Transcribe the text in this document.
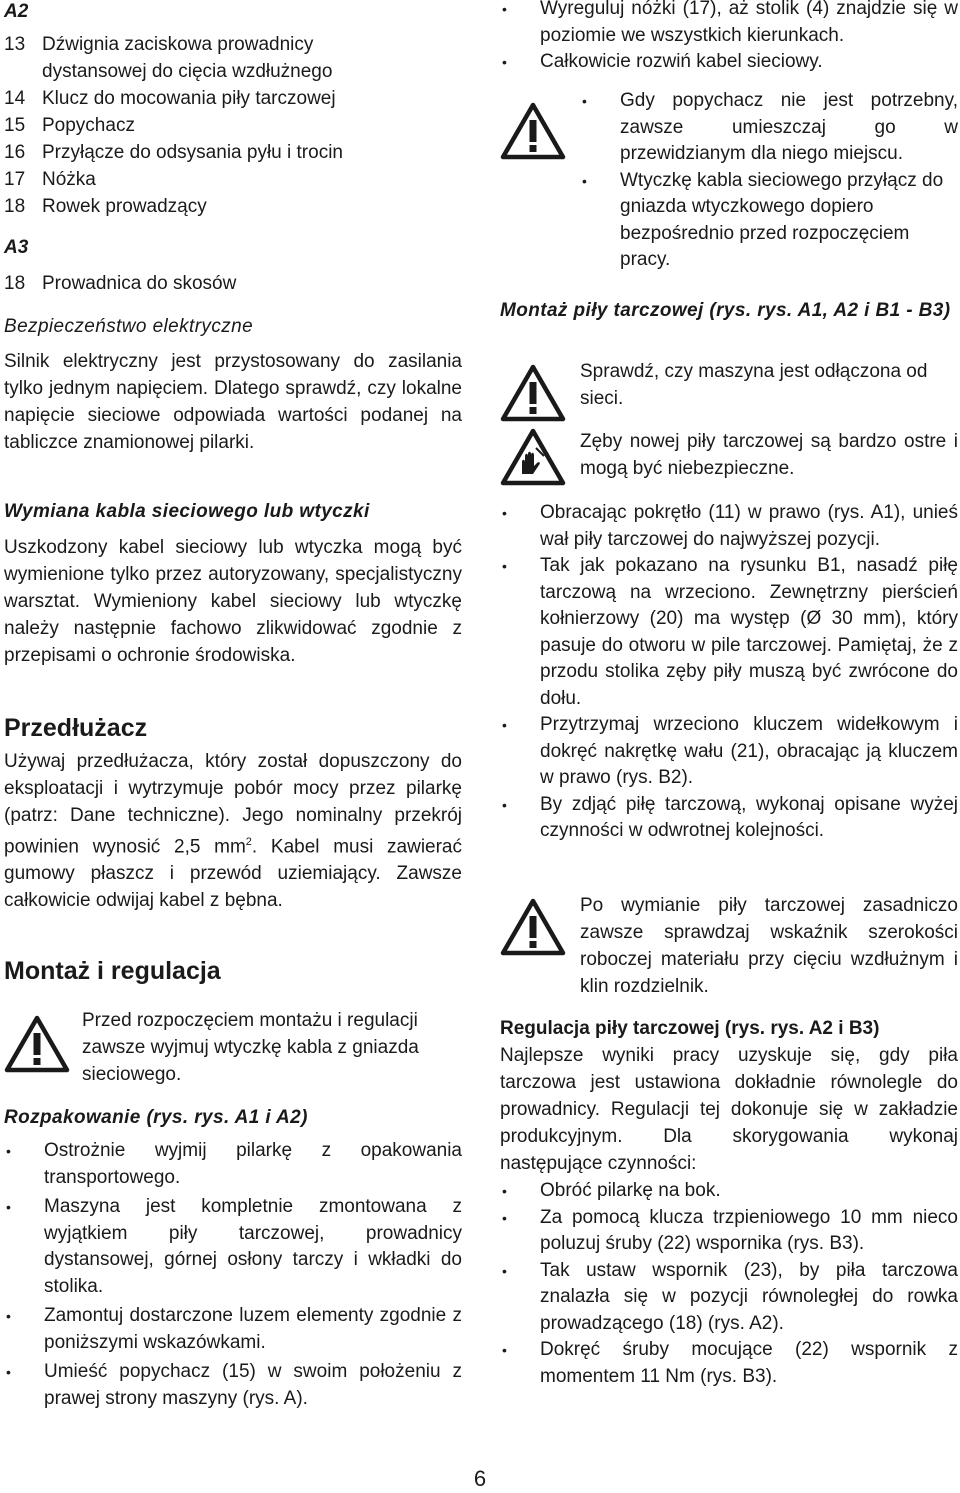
A2
13 Dźwignia zaciskowa prowadnicy
dystansowej do cięcia wzdłużnego
14 Klucz do mocowania piły tarczowej
15 Popychacz
16 Przyłącze do odsysania pyłu i trocin
17 Nóżka
18 Rowek prowadzący
A3
18 Prowadnica do skosów
Bezpieczeństwo elektryczne

Silnik elektryczny jest przystosowany do zasilania tylko jednym napięciem. Dlatego sprawdź, czy lokalne napięcie sieciowe odpowiada wartości podanej na tabliczce znamionowej pilarki.

Wymiana kabla sieciowego lub wtyczki

Uszkodzony kabel sieciowy lub wtyczka mogą być wymienione tylko przez autoryzowany, specjalistyczny warsztat. Wymieniony kabel sieciowy lub wtyczkę należy następnie fachowo zlikwidować zgodnie z przepisami o ochronie środowiska.

Przedłużacz

Używaj przedłużacza, który został dopuszczony do eksploatacji i wytrzymuje pobór mocy przez pilarkę (patrz: Dane techniczne). Jego nominalny przekrój powinien wynosić 2,5 $mm^2$. Kabel musi zawierać gumowy płaszcz i przewód uziemiający. Zawsze całkowicie odwijaj kabel z bębna.

Montaż i regulacja
Przed rozpoczęciem montażu i regulacji zawsze wyjmuj wtyczkę kabla z gniazda sieciowego.
Rozpakowanie (rys. rys. A1 i A2)
• Ostrożnie wyjmij pilarkę z opakowania transportowego.
• Maszyna jest kompletnie zmontowana z wyjątkiem piły tarczowej, prowadnicy dystansowej, górnej osłony tarczy i wkładki do stolika.
• Zamontuj dostarczone luzem elementy zgodnie z poniższymi wskazówkami.
• Umieść popychacz (15) w swoim położeniu z prawej strony maszyny (rys. A).
• Wyreguluj nóżki (17), aż stolik (4) znajdzie się w poziomie we wszystkich kierunkach.
• Całkowicie rozwiń kabel sieciowy.
• Gdy popychacz nie jest potrzebny, zawsze umieszczaj go w przewidzianym dla niego miejscu.
• Wtyczkę kabla sieciowego przyłącz do gniazda wtyczkowego dopiero bezpośrednio przed rozpoczęciem pracy.
Montaż piły tarczowej (rys. rys. A1, A2 i B1 - B3)
Sprawdź, czy maszyna jest odłączona od sieci.
Zęby nowej piły tarczowej są bardzo ostre i mogą być niebezpieczne.
• Obracając pokrętło (11) w prawo (rys. A1), unieś wał piły tarczowej do najwyższej pozycji.
• Tak jak pokazano na rysunku B1, nasadź piłę tarczową na wrzeciono. Zewnętrzny pierścień kołnierzowy (20) ma występ (Ø 30 mm), który pasuje do otworu w pile tarczowej. Pamiętaj, że z przodu stolika zęby piły muszą być zwrócone do dołu.
• Przytrzymaj wrzeciono kluczem widełkowym i dokręć nakrętkę wału (21), obracając ją kluczem w prawo (rys. B2).
• By zdjąć piłę tarczową, wykonaj opisane wyżej czynności w odwrotnej kolejności.
Po wymianie piły tarczowej zasadniczo zawsze sprawdzaj wskaźnik szerokości roboczej materiału przy cięciu wzdłużnym i klin rozdzielnik.
Regulacja piły tarczowej (rys. rys. A2 i B3)

Najlepsze wyniki pracy uzyskuje się, gdy piła tarczowa jest ustawiona dokładnie równolegle do prowadnicy. Regulacji tej dokonuje się w zakładzie produkcyjnym. Dla skorygowania wykonaj następujące czynności:

• Obróć pilarkę na bok.
• Za pomocą klucza trzpieniowego 10 mm nieco poluzuj śruby (22) wspornika (rys. B3).
• Tak ustaw wspornik (23), by piła tarczowa znalazła się w pozycji równoległej do rowka prowadzącego (18) (rys. A2).
• Dokręć śruby mocujące (22) wspornik z momentem 11 Nm (rys. B3).
6
